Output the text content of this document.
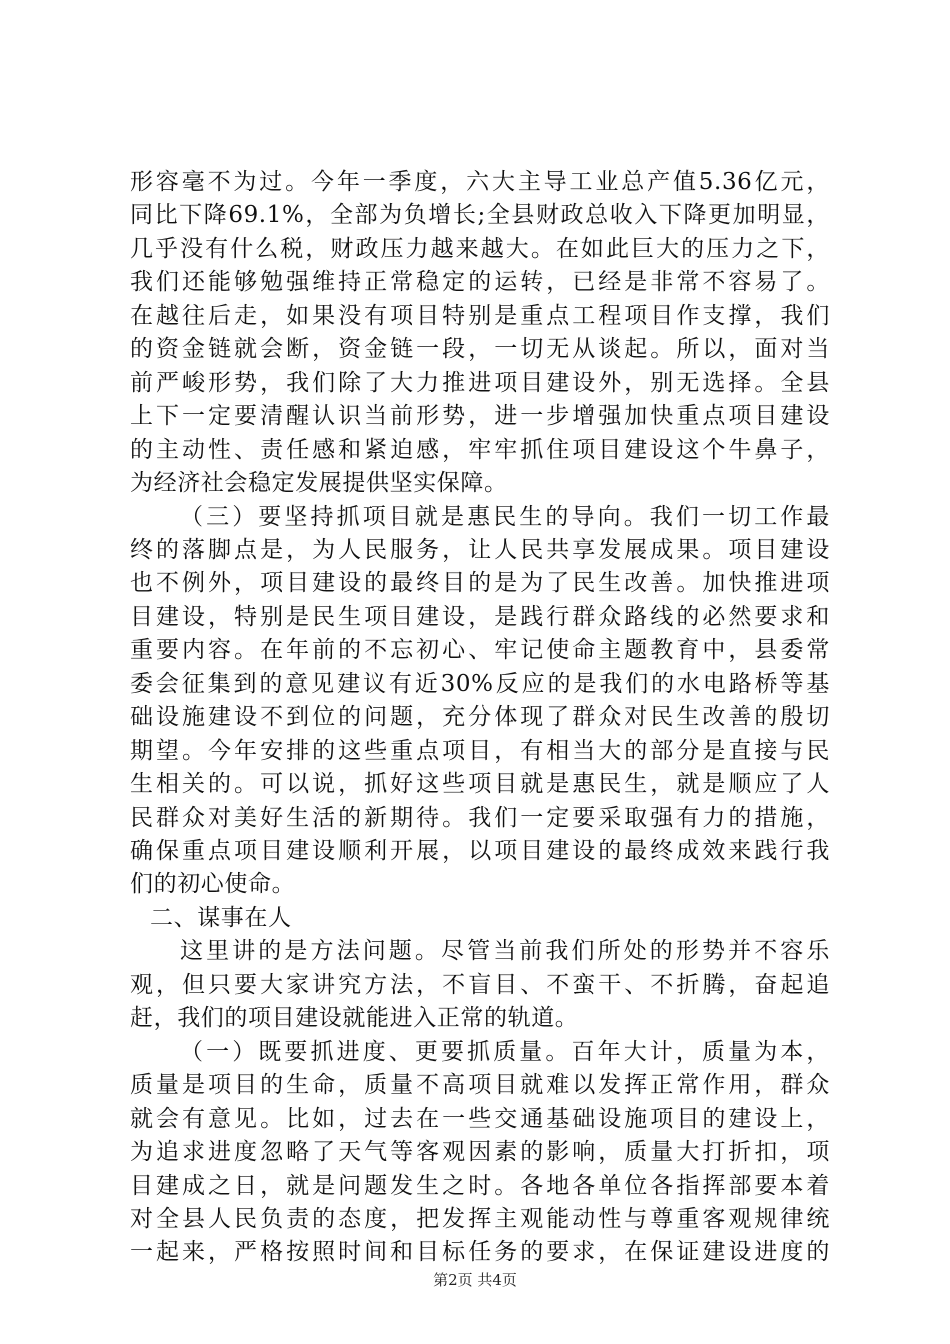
形容毫不为过。今年一季度，六大主导工业总产值5.36亿元，
同比下降69.1%，全部为负增长;全县财政总收入下降更加明显，
几乎没有什么税，财政压力越来越大。在如此巨大的压力之下，
我们还能够勉强维持正常稳定的运转，已经是非常不容易了。
在越往后走，如果没有项目特别是重点工程项目作支撑，我们
的资金链就会断，资金链一段，一切无从谈起。所以，面对当
前严峻形势，我们除了大力推进项目建设外，别无选择。全县
上下一定要清醒认识当前形势，进一步增强加快重点项目建设
的主动性、责任感和紧迫感，牢牢抓住项目建设这个牛鼻子，
为经济社会稳定发展提供坚实保障。
（三）要坚持抓项目就是惠民生的导向。我们一切工作最
终的落脚点是，为人民服务，让人民共享发展成果。项目建设
也不例外，项目建设的最终目的是为了民生改善。加快推进项
目建设，特别是民生项目建设，是践行群众路线的必然要求和
重要内容。在年前的不忘初心、牢记使命主题教育中，县委常
委会征集到的意见建议有近30%反应的是我们的水电路桥等基
础设施建设不到位的问题，充分体现了群众对民生改善的殷切
期望。今年安排的这些重点项目，有相当大的部分是直接与民
生相关的。可以说，抓好这些项目就是惠民生，就是顺应了人
民群众对美好生活的新期待。我们一定要采取强有力的措施，
确保重点项目建设顺利开展，以项目建设的最终成效来践行我
们的初心使命。
二、谋事在人
这里讲的是方法问题。尽管当前我们所处的形势并不容乐
观，但只要大家讲究方法，不盲目、不蛮干、不折腾，奋起追
赶，我们的项目建设就能进入正常的轨道。
（一）既要抓进度、更要抓质量。百年大计，质量为本，
质量是项目的生命，质量不高项目就难以发挥正常作用，群众
就会有意见。比如，过去在一些交通基础设施项目的建设上，
为追求进度忽略了天气等客观因素的影响，质量大打折扣，项
目建成之日，就是问题发生之时。各地各单位各指挥部要本着
对全县人民负责的态度，把发挥主观能动性与尊重客观规律统
一起来，严格按照时间和目标任务的要求，在保证建设进度的
第2页 共4页
